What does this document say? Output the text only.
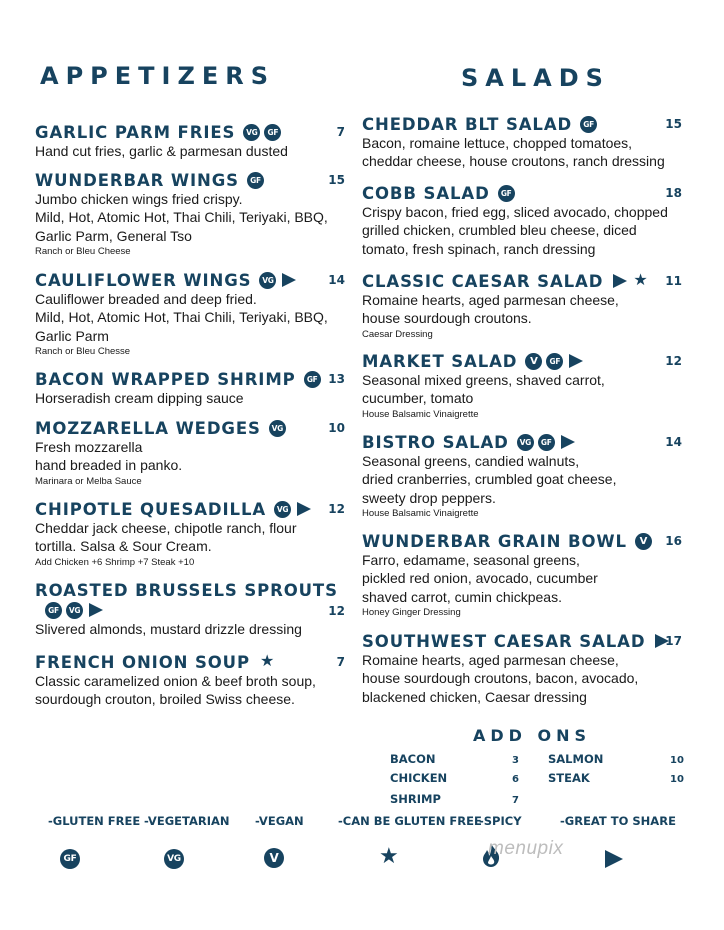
APPETIZERS	SALADS
GARLIC PARM FRIES	VG	GF	7
Hand cut fries, garlic & parmesan dusted
WUNDERBAR WINGS	GF	15
Jumbo chicken wings fried crispy.
Mild, Hot, Atomic Hot, Thai Chili, Teriyaki, BBQ,
Garlic Parm, General Tso
Ranch or Bleu Cheese
CAULIFLOWER WINGS	VG	14
Cauliflower breaded and deep fried.
Mild, Hot, Atomic Hot, Thai Chili, Teriyaki, BBQ,
Garlic Parm
Ranch or Bleu Chesse
BACON WRAPPED SHRIMP	GF 13
Horseradish cream dipping sauce
MOZZARELLA WEDGES	VG	10
Fresh mozzarella
hand breaded in panko.
Marinara or Melba Sauce
CHIPOTLE QUESADILLA	VG	12
Cheddar jack cheese, chipotle ranch, flour
tortilla. Salsa & Sour Cream.
Add Chicken +6 Shrimp +7 Steak +10
ROASTED BRUSSELS SPROUTS
GF	VG	12
Slivered almonds, mustard drizzle dressing
FRENCH ONION SOUP ★	7
Classic caramelized onion & beef broth soup,
sourdough crouton, broiled Swiss cheese.
CHEDDAR BLT SALAD	GF	15
Bacon, romaine lettuce, chopped tomatoes,
cheddar cheese, house croutons, ranch dressing
COBB SALAD	GF	18
Crispy bacon, fried egg, sliced avocado, chopped
grilled chicken, crumbled bleu cheese, diced
tomato, fresh spinach, ranch dressing
CLASSIC CAESAR SALAD ★ 11
Romaine hearts, aged parmesan cheese,
house sourdough croutons.
Caesar Dressing
MARKET SALAD	V	GF	12
Seasonal mixed greens, shaved carrot,
cucumber, tomato
House Balsamic Vinaigrette
BISTRO SALAD	VG	GF	14
Seasonal greens, candied walnuts,
dried cranberries, crumbled goat cheese,
sweety drop peppers.
House Balsamic Vinaigrette
WUNDERBAR GRAIN BOWL	V	16
Farro, edamame, seasonal greens,
pickled red onion, avocado, cucumber
shaved carrot, cumin chickpeas.
Honey Ginger Dressing
SOUTHWEST CAESAR SALAD 17
Romaine hearts, aged parmesan cheese,
house sourdough croutons, bacon, avocado,
blackened chicken, Caesar dressing
ADD ONS
BACON	3
CHICKEN	6
SHRIMP	7
SALMON	10
STEAK	10
-GLUTEN FREE
GF
-VEGETARIAN
VG
-VEGAN
V
-CAN BE GLUTEN FREE
★
-SPICY	-GREAT TO SHARE
menupix
